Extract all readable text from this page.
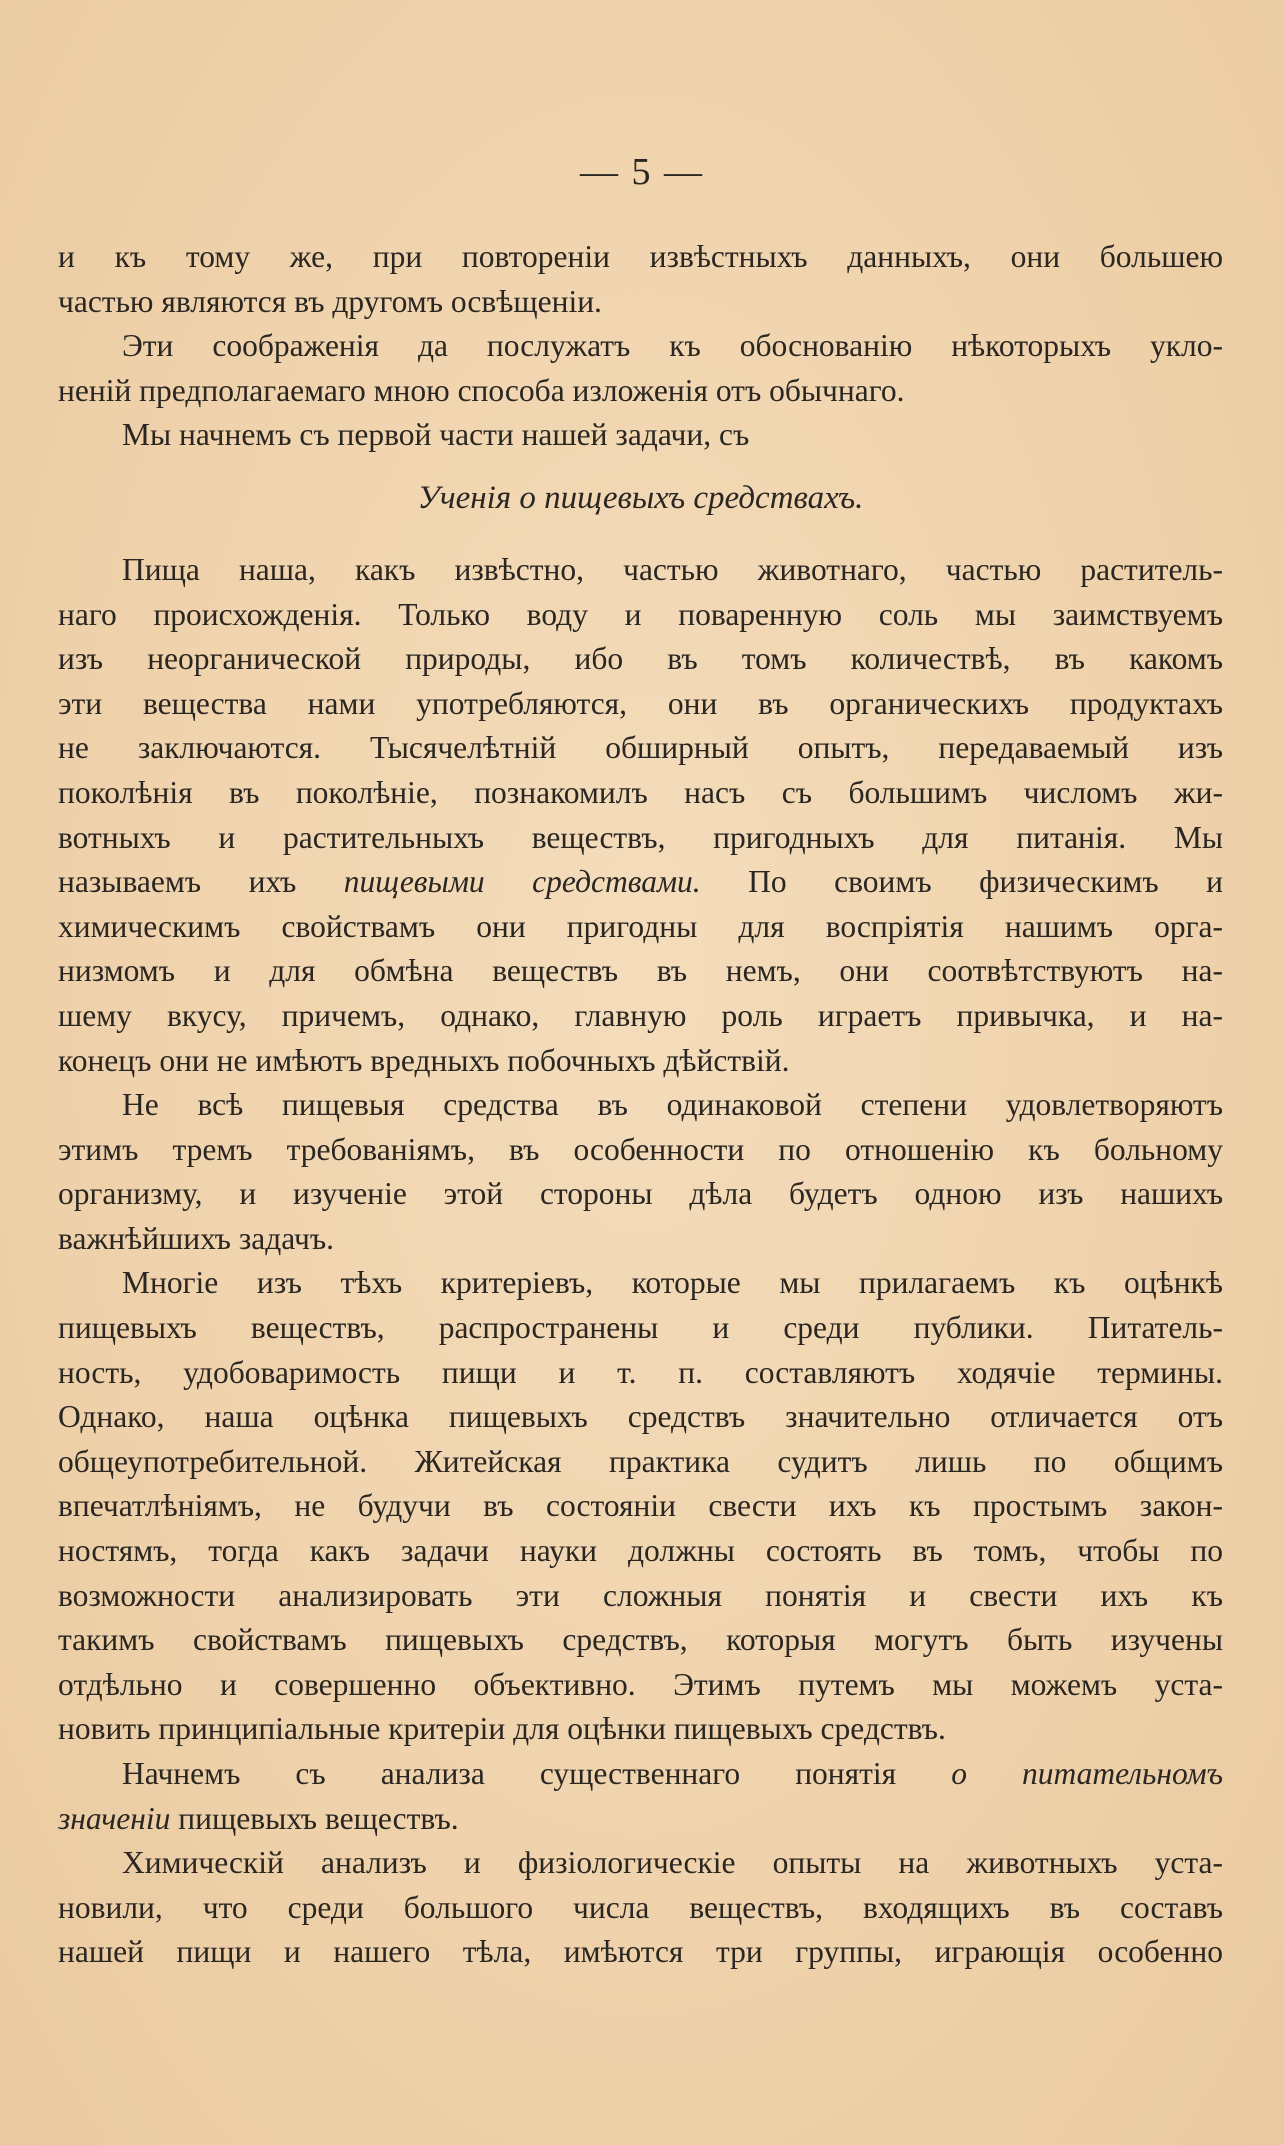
— 5 —
и къ тому же, при повтореніи извѣстныхъ данныхъ, они большею
частью являются въ другомъ освѣщеніи.
Эти соображенія да послужатъ къ обоснованію нѣкоторыхъ укло-
неній предполагаемаго мною способа изложенія отъ обычнаго.
Мы начнемъ съ первой части нашей задачи, съ
Ученія о пищевыхъ средствахъ.
Пища наша, какъ извѣстно, частью животнаго, частью раститель-
наго происхожденія. Только воду и поваренную соль мы заимствуемъ
изъ неорганической природы, ибо въ томъ количествѣ, въ какомъ
эти вещества нами употребляются, они въ органическихъ продуктахъ
не заключаются. Тысячелѣтній обширный опытъ, передаваемый изъ
поколѣнія въ поколѣніе, познакомилъ насъ съ большимъ числомъ жи-
вотныхъ и растительныхъ веществъ, пригодныхъ для питанія. Мы
называемъ ихъ пищевыми средствами. По своимъ физическимъ и
химическимъ свойствамъ они пригодны для воспріятія нашимъ орга-
низмомъ и для обмѣна веществъ въ немъ, они соотвѣтствуютъ на-
шему вкусу, причемъ, однако, главную роль играетъ привычка, и на-
конецъ они не имѣютъ вредныхъ побочныхъ дѣйствій.
Не всѣ пищевыя средства въ одинаковой степени удовлетворяютъ
этимъ тремъ требованіямъ, въ особенности по отношенію къ больному
организму, и изученіе этой стороны дѣла будетъ одною изъ нашихъ
важнѣйшихъ задачъ.
Многіе изъ тѣхъ критеріевъ, которые мы прилагаемъ къ оцѣнкѣ
пищевыхъ веществъ, распространены и среди публики. Питатель-
ность, удобоваримость пищи и т. п. составляютъ ходячіе термины.
Однако, наша оцѣнка пищевыхъ средствъ значительно отличается отъ
общеупотребительной. Житейская практика судитъ лишь по общимъ
впечатлѣніямъ, не будучи въ состояніи свести ихъ къ простымъ закон-
ностямъ, тогда какъ задачи науки должны состоять въ томъ, чтобы по
возможности анализировать эти сложныя понятія и свести ихъ къ
такимъ свойствамъ пищевыхъ средствъ, которыя могутъ быть изучены
отдѣльно и совершенно объективно. Этимъ путемъ мы можемъ уста-
новить принципіальные критеріи для оцѣнки пищевыхъ средствъ.
Начнемъ съ анализа существеннаго понятія о питательномъ
значеніи пищевыхъ веществъ.
Химическій анализъ и физіологическіе опыты на животныхъ уста-
новили, что среди большого числа веществъ, входящихъ въ составъ
нашей пищи и нашего тѣла, имѣются три группы, играющія особенно
